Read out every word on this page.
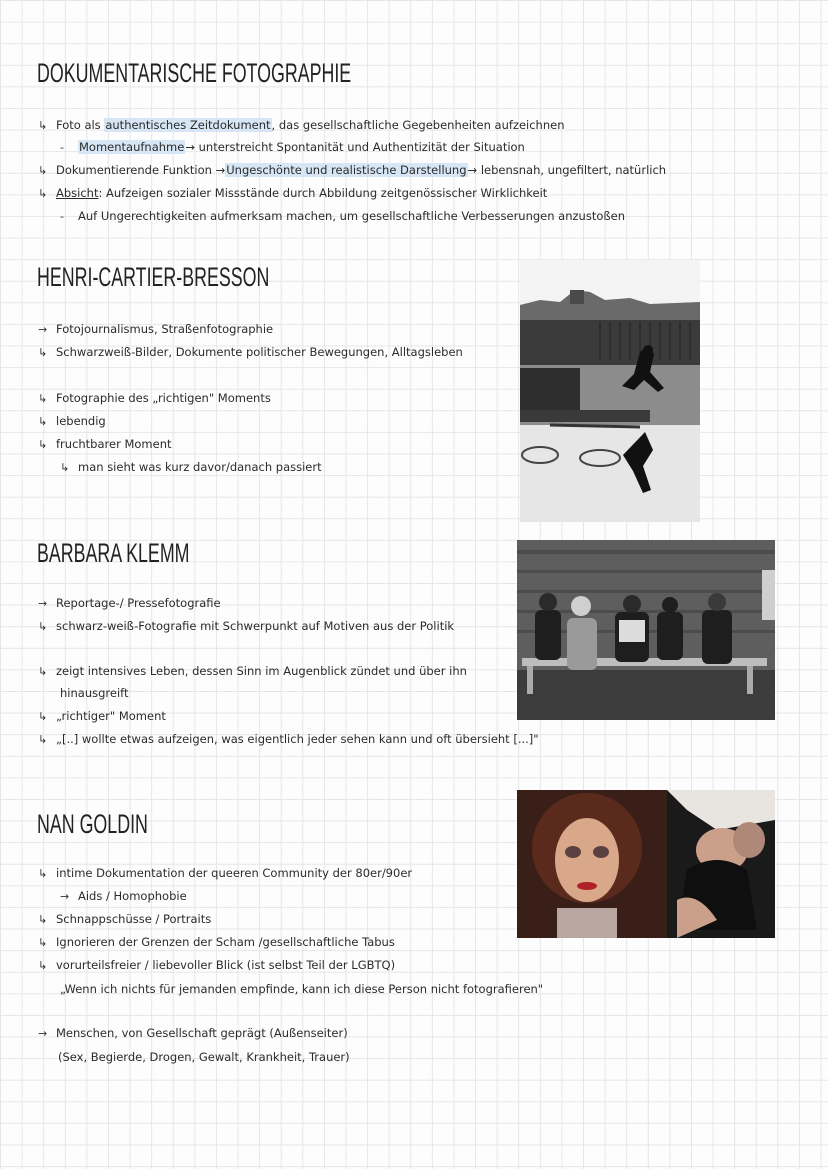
DOKUMENTARISCHE FOTOGRAPHIE
↳ Foto als
authentisches Zeitdokument , das gesellschaftliche Gegebenheiten aufzeichnen
-	Momentaufnahme → unterstreicht Spontanität und Authentizität der Situation
↳ Dokumentierende Funktion → Ungeschönte und realistische Darstellung → lebensnah, ungefiltert, natürlich
↳ Absicht : Aufzeigen sozialer Missstände durch Abbildung zeitgenössischer Wirklichkeit
-	Auf Ungerechtigkeiten aufmerksam machen, um gesellschaftliche Verbesserungen anzustoßen
HENRI-CARTIER-BRESSON
→ Fotojournalismus, Straßenfotographie
↳ Schwarzweiß-Bilder, Dokumente politischer Bewegungen, Alltagsleben
↳ Fotographie des „richtigen" Moments
↳ lebendig
↳ fruchtbarer Moment
↳ man sieht was kurz davor/danach passiert
BARBARA KLEMM
→ Reportage-/ Pressefotografie
↳ schwarz-weiß-Fotografie mit Schwerpunkt auf Motiven aus der Politik
↳ zeigt intensives Leben, dessen Sinn im Augenblick zündet und über ihn
hinausgreift
↳ „richtiger" Moment
↳ „[..] wollte etwas aufzeigen, was eigentlich jeder sehen kann und oft übersieht [...]"
NAN GOLDIN
↳ intime Dokumentation der queeren Community der 80er/90er
→ Aids / Homophobie
↳ Schnappschüsse / Portraits
↳ Ignorieren der Grenzen der Scham /gesellschaftliche Tabus
↳ vorurteilsfreier / liebevoller Blick (ist selbst Teil der LGBTQ)
„Wenn ich nichts für jemanden empfinde, kann ich diese Person nicht fotografieren"
→ Menschen, von Gesellschaft geprägt (Außenseiter)
(Sex, Begierde, Drogen, Gewalt, Krankheit, Trauer)
